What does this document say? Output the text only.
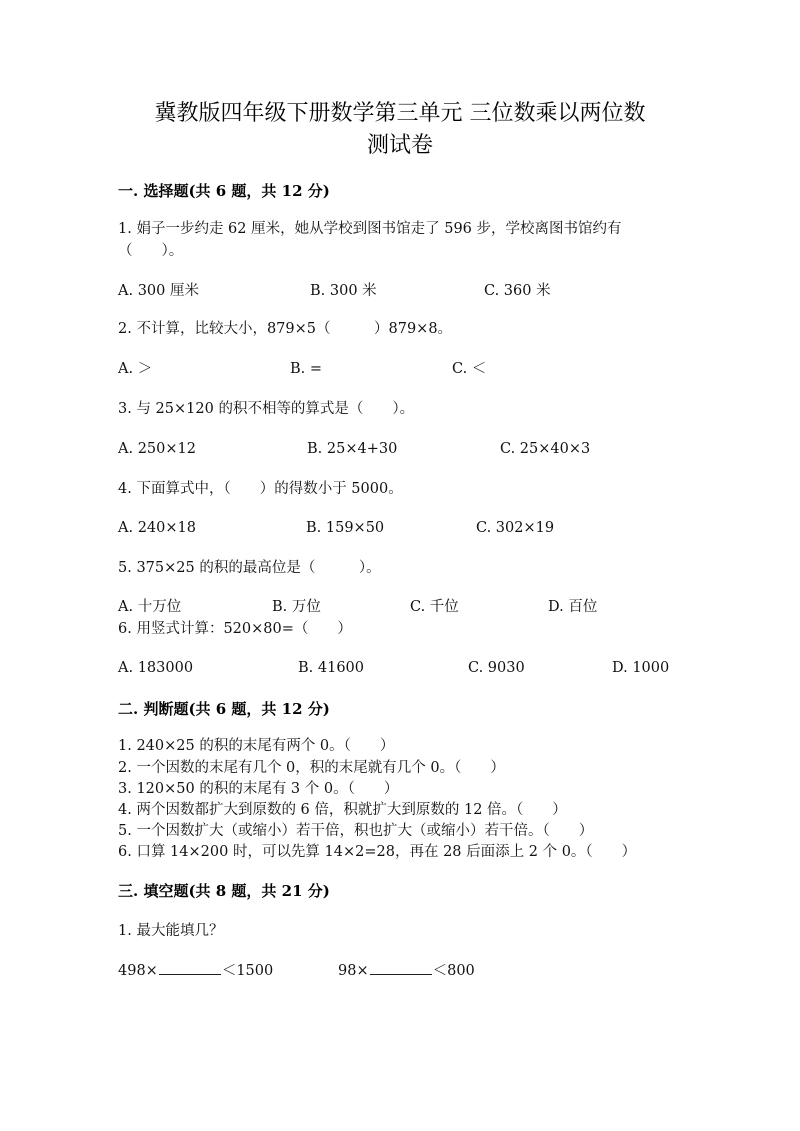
冀教版四年级下册数学第三单元 三位数乘以两位数
测试卷
一. 选择题(共 6 题，共 12 分)
1. 娟子一步约走 62 厘米，她从学校到图书馆走了 596 步，学校离图书馆约有
（　　）。
A. 300 厘米	B. 300 米	C. 360 米
2. 不计算，比较大小，879×5（　　　）879×8。
A. ＞	B. =	C. ＜
3. 与 25×120 的积不相等的算式是（　　）。
A. 250×12	B. 25×4+30	C. 25×40×3
4. 下面算式中，（　　）的得数小于 5000。
A. 240×18	B. 159×50	C. 302×19
5. 375×25 的积的最高位是（　　　）。
A. 十万位	B. 万位	C. 千位	D. 百位
6. 用竖式计算：520×80=（　　）
A. 183000	B. 41600	C. 9030	D. 1000
二. 判断题(共 6 题，共 12 分)
1. 240×25 的积的末尾有两个 0。（　　）
2. 一个因数的末尾有几个 0，积的末尾就有几个 0。（　　）
3. 120×50 的积的末尾有 3 个 0。（　　）
4. 两个因数都扩大到原数的 6 倍，积就扩大到原数的 12 倍。（　　）
5. 一个因数扩大（或缩小）若干倍，积也扩大（或缩小）若干倍。（　　）
6. 口算 14×200 时，可以先算 14×2=28，再在 28 后面添上 2 个 0。（　　）
三. 填空题(共 8 题，共 21 分)
1. 最大能填几？
498×	＜1500	98×	＜800
